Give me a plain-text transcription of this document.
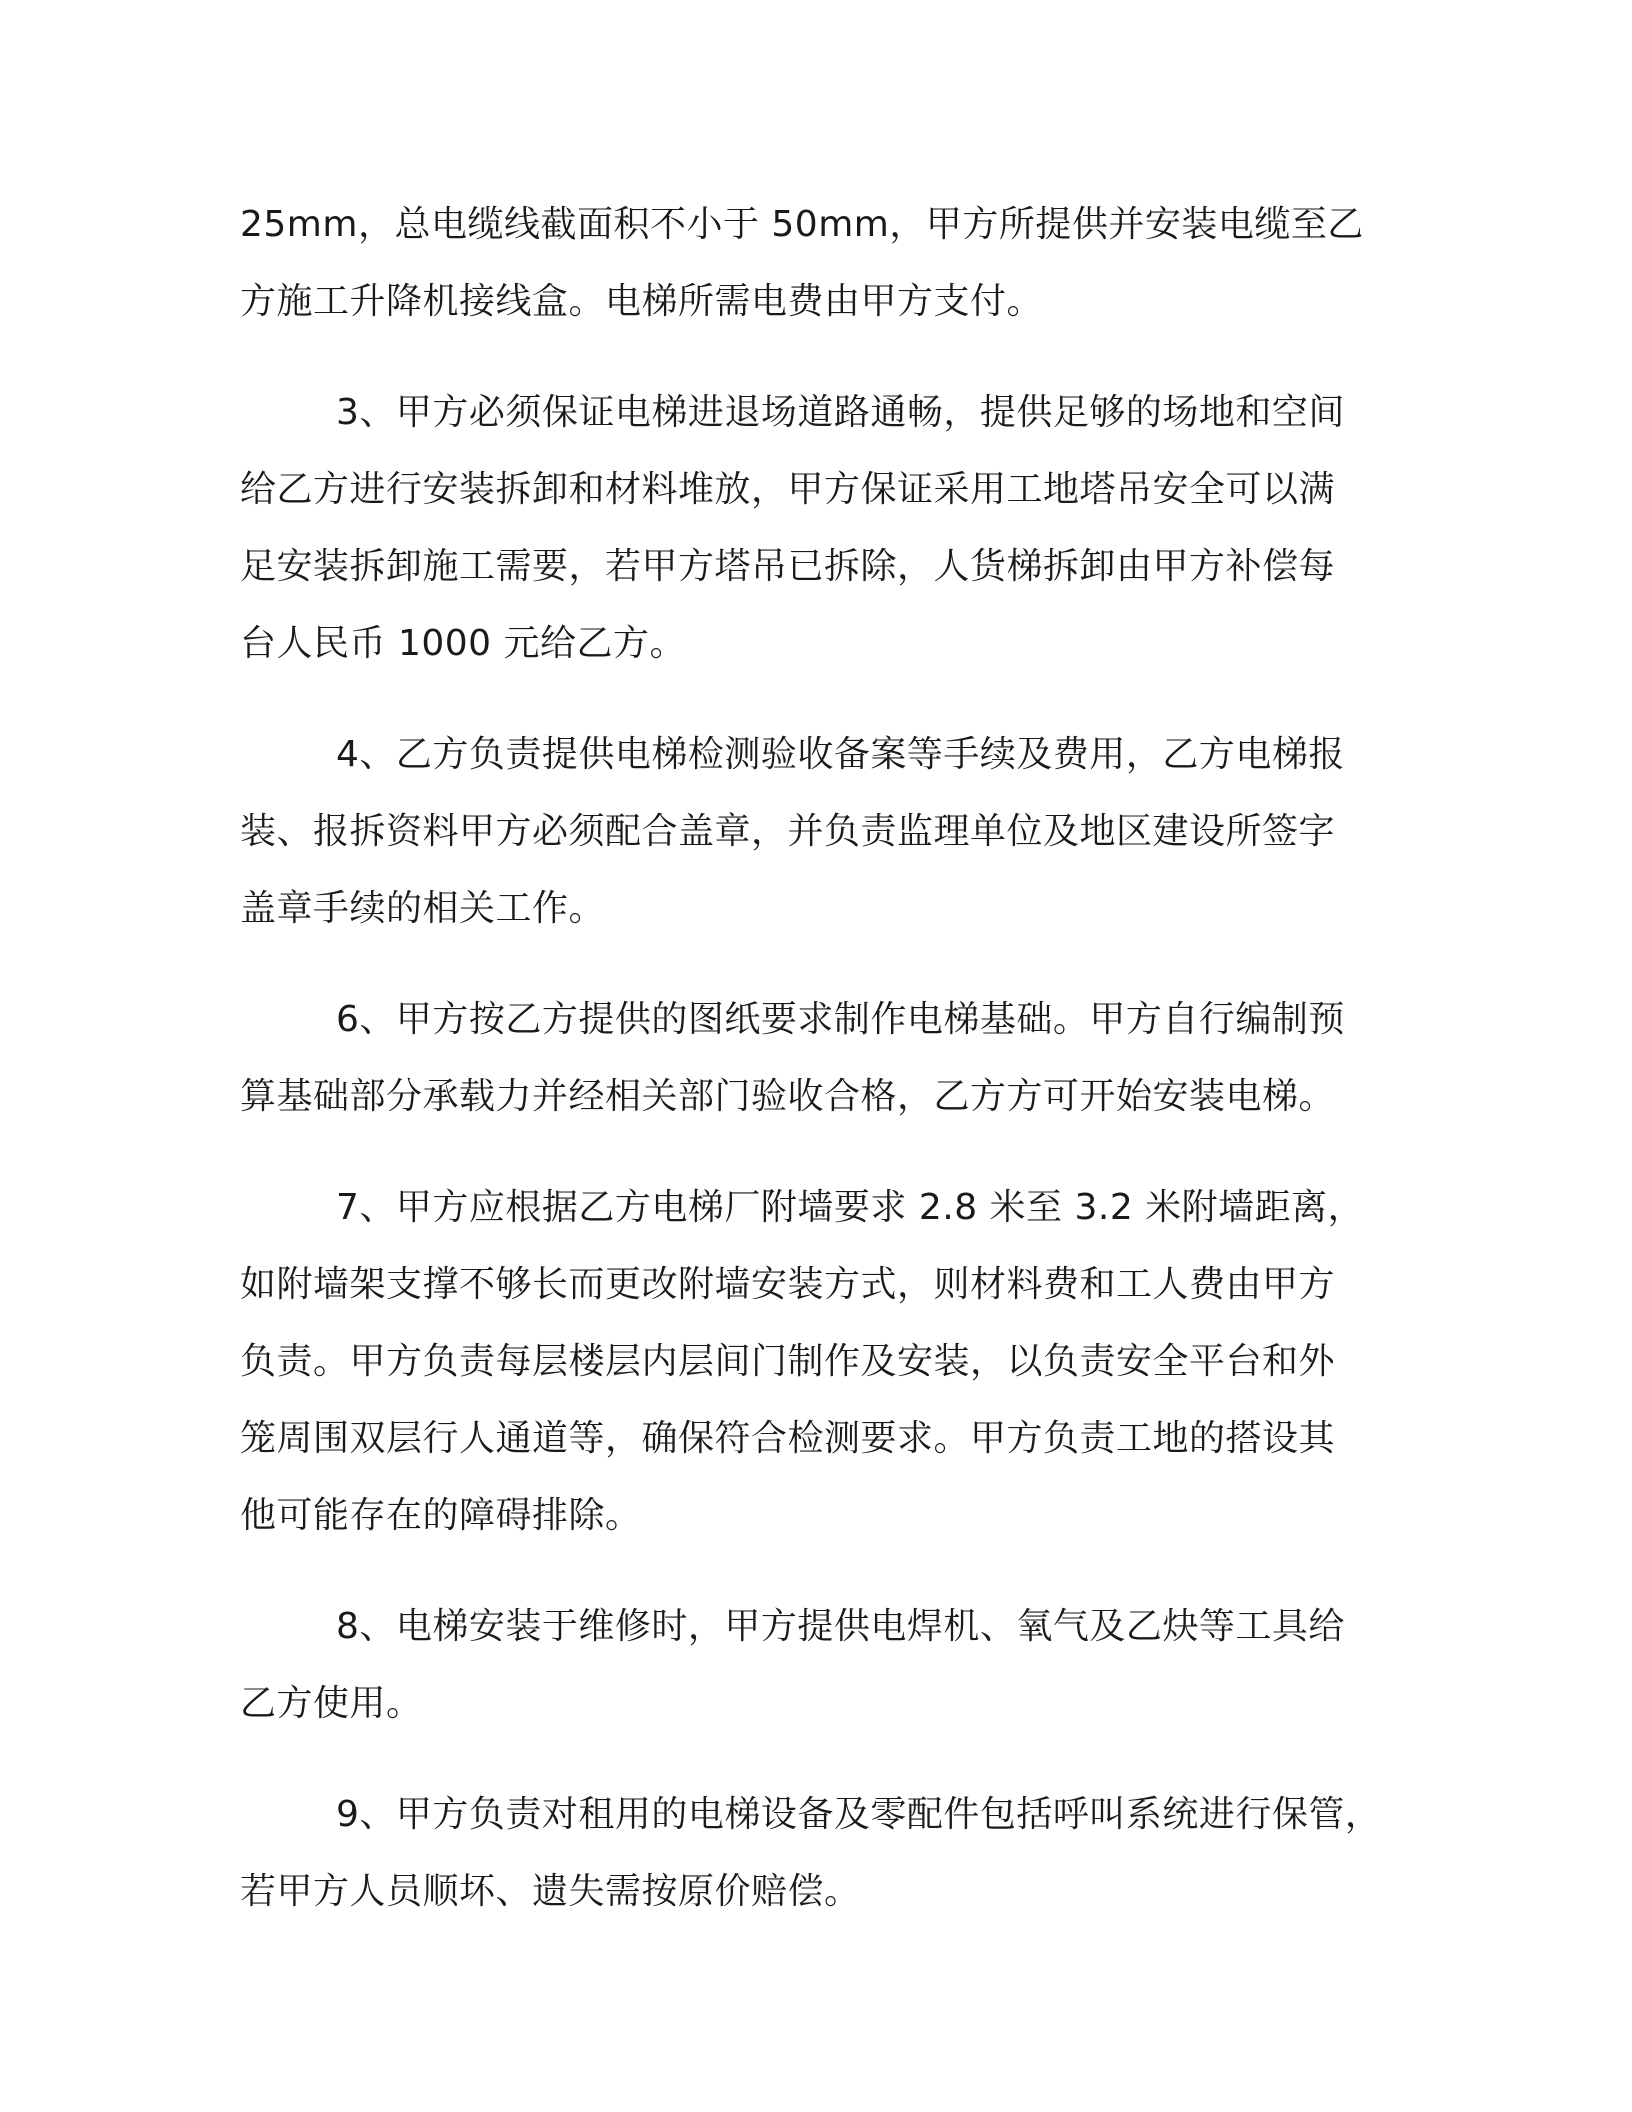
25mm，总电缆线截面积不小于 50mm，甲方所提供并安装电缆至乙
方施工升降机接线盒。电梯所需电费由甲方支付。

3、甲方必须保证电梯进退场道路通畅，提供足够的场地和空间
给乙方进行安装拆卸和材料堆放，甲方保证采用工地塔吊安全可以满
足安装拆卸施工需要，若甲方塔吊已拆除，人货梯拆卸由甲方补偿每
台人民币 1000 元给乙方。

4、乙方负责提供电梯检测验收备案等手续及费用，乙方电梯报
装、报拆资料甲方必须配合盖章，并负责监理单位及地区建设所签字
盖章手续的相关工作。

6、甲方按乙方提供的图纸要求制作电梯基础。甲方自行编制预
算基础部分承载力并经相关部门验收合格，乙方方可开始安装电梯。

7、甲方应根据乙方电梯厂附墙要求 2.8 米至 3.2 米附墙距离，
如附墙架支撑不够长而更改附墙安装方式，则材料费和工人费由甲方
负责。甲方负责每层楼层内层间门制作及安装，以负责安全平台和外
笼周围双层行人通道等，确保符合检测要求。甲方负责工地的搭设其
他可能存在的障碍排除。

8、电梯安装于维修时，甲方提供电焊机、氧气及乙炔等工具给
乙方使用。

9、甲方负责对租用的电梯设备及零配件包括呼叫系统进行保管，
若甲方人员顺坏、遗失需按原价赔偿。
